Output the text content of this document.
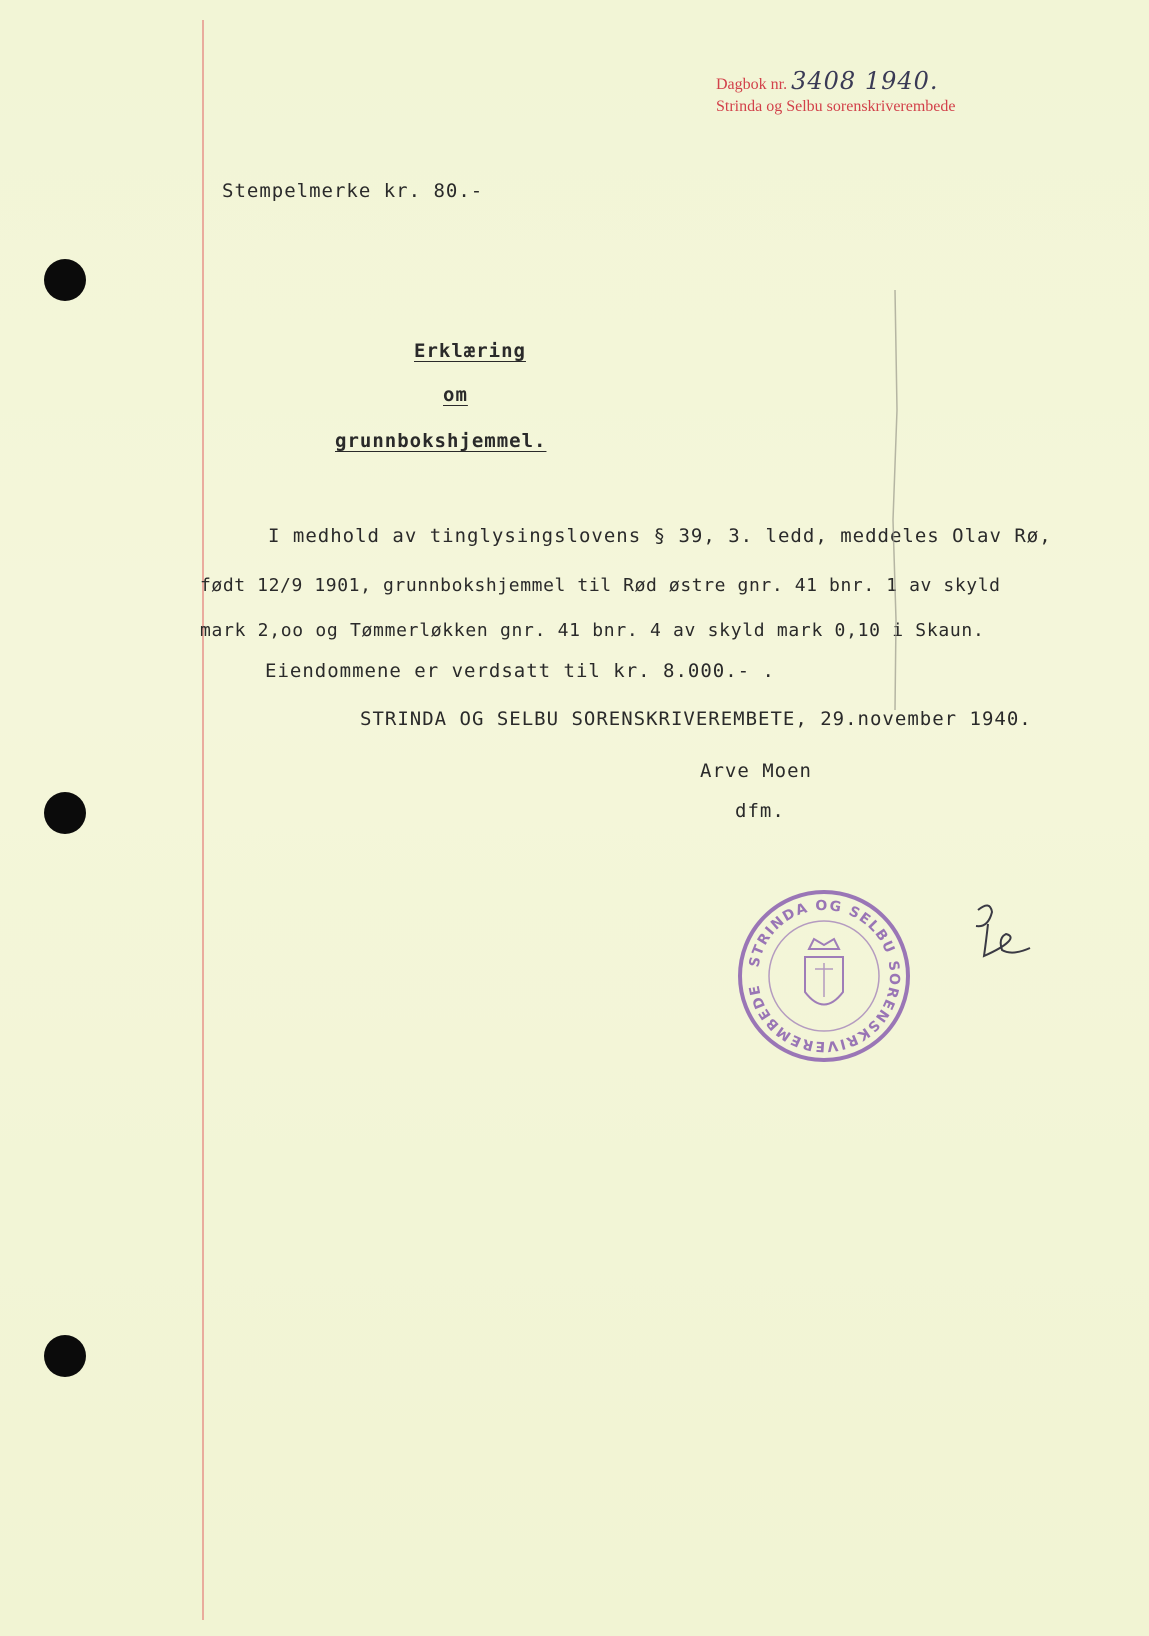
Dagbok nr. 3408 1940.
Strinda og Selbu sorenskriverembede
Stempelmerke kr. 80.-
Erklæring
om
grunnbokshjemmel.
I medhold av tinglysingslovens § 39, 3. ledd, meddeles Olav Rø,
født 12/9 1901, grunnbokshjemmel til Rød østre gnr. 41 bnr. 1 av skyld
mark 2,oo og Tømmerløkken gnr. 41 bnr. 4 av skyld mark 0,10 i Skaun.
Eiendommene er verdsatt til kr. 8.000.- .
STRINDA OG SELBU SORENSKRIVEREMBETE, 29.november 1940.
Arve Moen
dfm.
STRINDA OG SELBU SORENSKRIVEREMBEDE
